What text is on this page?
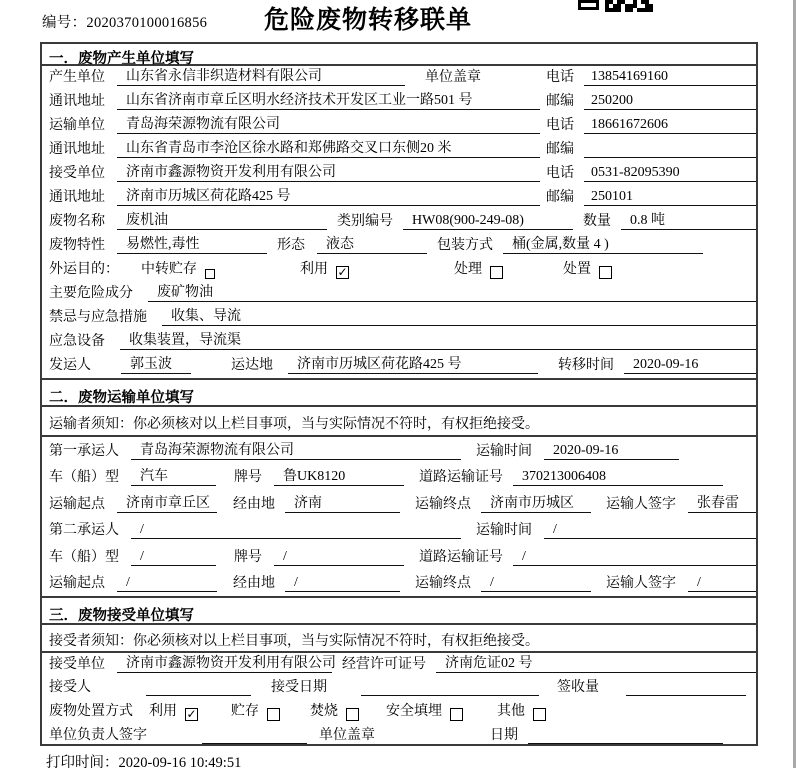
编号：2020370100016856	危险废物转移联单
一．废物产生单位填写
产生单位	山东省永信非织造材料有限公司	单位盖章	电话	13854169160
通讯地址	山东省济南市章丘区明水经济技术开发区工业一路501 号	邮编	250200
运输单位	青岛海荣源物流有限公司	电话	18661672606
通讯地址	山东省青岛市李沧区徐水路和郑佛路交叉口东侧20 米	邮编
接受单位	济南市鑫源物资开发利用有限公司	电话	0531-82095390
通讯地址	济南市历城区荷花路425 号	邮编	250101
废物名称	废机油	类别编号	HW08(900-249-08)	数量	0.8 吨
废物特性	易燃性,毒性	形态	液态	包装方式	桶(金属,数量 4 )
外运目的： 中转贮存	利用 ✓	处理	处置
主要危险成分	废矿物油
禁忌与应急措施	收集、导流
应急设备	收集装置，导流渠
发运人	郭玉波	运达地	济南市历城区荷花路425 号	转移时间	2020-09-16
二．废物运输单位填写
运输者须知：你必须核对以上栏目事项，当与实际情况不符时，有权拒绝接受。
第一承运人	青岛海荣源物流有限公司	运输时间	2020-09-16
车（船）型	汽车	牌号	鲁UK8120	道路运输证号	370213006408
运输起点	济南市章丘区	经由地	济南	运输终点	济南市历城区	运输人签字	张春雷
第二承运人	/	运输时间	/
车（船）型	/	牌号	/	道路运输证号	/
运输起点	/	经由地	/	运输终点	/	运输人签字	/
三．废物接受单位填写
接受者须知：你必须核对以上栏目事项，当与实际情况不符时，有权拒绝接受。
接受单位	济南市鑫源物资开发利用有限公司 经营许可证号	济南危证02 号
接受人	接受日期	签收量
废物处置方式 利用 ✓ 贮存	焚烧	安全填埋	其他
单位负责人签字	单位盖章	日期
打印时间：2020-09-16 10:49:51
